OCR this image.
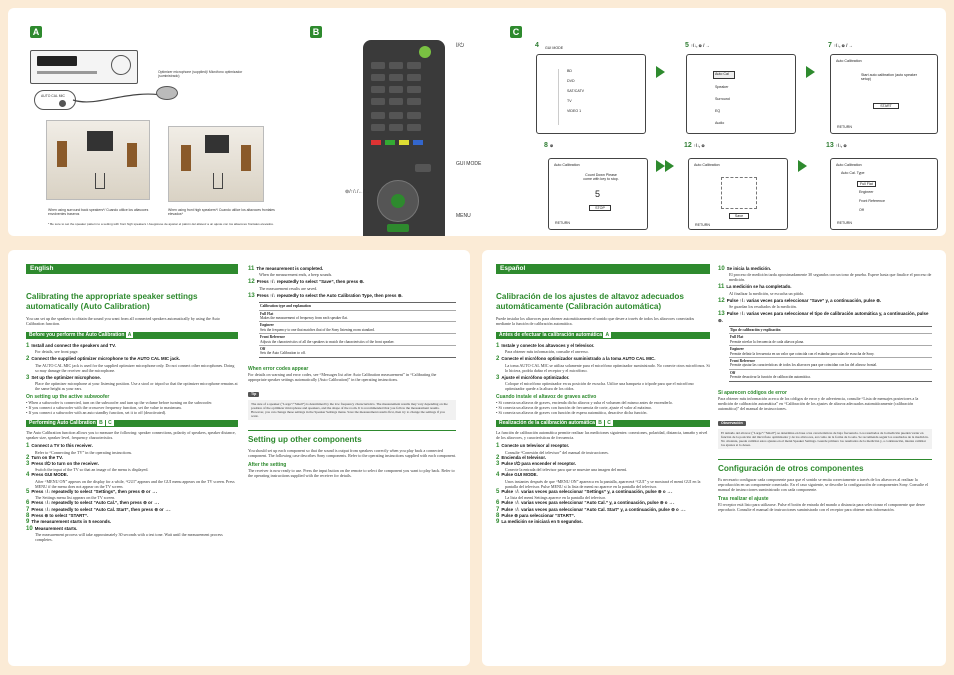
A
AUTO CAL MIC
Optimizer microphone (supplied)/ Micrófono optimizador (suministrado)
When using surround back speakers*/ Cuando utilice los altavoces envolventes traseros
When using front high speakers*/ Cuando utilice los altavoces frontales elevados*
* Be sure to set the speaker pattern to a setting with front high speakers / Asegúrese de ajustar el patrón del altavoz a un ajuste con los altavoces frontales elevados.
B
I/⏻
GUI MODE
⊚/↑/↓/←/→
MENU
C
4 GUI MODE
BD
DVD
SAT/CATV
TV
VIDEO 1
5 ↑/↓, ⊚ / →
Auto Cal
Speaker
Surround
EQ
Audio
7 ↑/↓, ⊚ / →
Auto Calibration
Start auto calibration (auto speaker setup)
START
RETURN
8 ⊚
Auto Calibration
Count Down Please come with key to stop.
5
STOP
RETURN
12 ↑/↓, ⊚
Auto Calibration
Save
RETURN
13 ↑/↓, ⊚
Auto Calibration
Auto Cal. Type
Full Flat
Engineer
Front Reference
Off
RETURN
English
Calibrating the appropriate speaker settings automatically (Auto Calibration)
You can set up the speakers to obtain the sound you want from all connected speakers automatically by using the Auto Calibration function.
Before you perform the Auto Calibration A
1 Install and connect the speakers and TV.
For details, see front page.
2 Connect the supplied optimizer microphone to the AUTO CAL MIC jack.
The AUTO CAL MIC jack is used for the supplied optimizer microphone only. Do not connect other microphones. Doing so may damage the receiver and the microphone.
3 Set up the optimizer microphone.
Place the optimizer microphone at your listening position. Use a stool or tripod so that the optimizer microphone remains at the same height as your ears.
On setting up the active subwoofer
• When a subwoofer is connected, turn on the subwoofer and turn up the volume before turning on the subwoofer.
• If you connect a subwoofer with the crossover frequency function, set the value to maximum.
• If you connect a subwoofer with an auto standby function, set it to off (deactivated).
Performing Auto Calibration B C
The Auto Calibration function allows you to measure the following: speaker connections, polarity of speakers, speaker distance, speaker size, speaker level, frequency characteristics.
1 Connect a TV to this receiver.
Refer to “Connecting the TV” in the operating instructions.
2 Turn on the TV.
3 Press I/⏻ to turn on the receiver.
Switch the input of the TV so that an image of the menu is displayed.
4 Press GUI MODE.
After “MENU ON” appears on the display for a while, “GUI” appears and the GUI menu appears on the TV screen. Press MENU if the menu does not appear on the TV screen.
5 Press ↑/↓ repeatedly to select “Settings”, then press ⊚ or →.
The Settings menu list appears on the TV screen.
6 Press ↑/↓ repeatedly to select “Auto Cal.”, then press ⊚ or →.
7 Press ↑/↓ repeatedly to select “Auto Cal. Start”, then press ⊚ or →.
8 Press ⊚ to select “START”.
9 The measurement starts in 5 seconds.
10 Measurement starts.
The measurement process will take approximately 30 seconds with a test tone. Wait until the measurement process completes.
11 The measurement is completed.
When the measurement ends, a beep sounds.
12 Press ↑/↓ repeatedly to select “Save”, then press ⊚.
The measurement results are saved.
13 Press ↑/↓ repeatedly to select the Auto Calibration Type, then press ⊚.
Calibration type and explanation
Full Flat
Makes the measurement of frequency from each speaker flat.
Engineer
Sets the frequency to one that matches that of the Sony listening room standard.
Front Reference
Adjusts the characteristics of all the speakers to match the characteristics of the front speaker.
Off
Sets the Auto Calibration to off.
When error codes appear
For details on warning and error codes, see “Messages list after Auto Calibration measurement” in “Calibrating the appropriate speaker settings automatically (Auto Calibration)” in the operating instructions.
Tip
The size of a speaker (“Large”/“Small”) is determined by the low frequency characteristics. The measurement results may vary depending on the position of the optimizer microphone and speakers, and the shape of the room. It is recommended that you follow the measurement results. However, you can change these settings in the Speaker Settings menu. Save the measurement results first, then try to change the settings if you want.
Setting up other components
You should set up each component so that the sound is output from speakers correctly when you play back a connected component. The following case describes Sony components. Refer to the operating instructions supplied with each component.
After the setting
The receiver is now ready to use. Press the input button on the remote to select the component you want to play back. Refer to the operating instructions supplied with the receiver for details.
Español
Calibración de los ajustes de altavoz adecuados automáticamente (Calibración automática)
Puede instalar los altavoces para obtener automáticamente el sonido que desee a través de todos los altavoces conectados mediante la función de calibración automática.
Antes de efectuar la calibración automática A
1 Instale y conecte los altavoces y el televisor.
Para obtener más información, consulte el anverso.
2 Conecte el micrófono optimizador suministrado a la toma AUTO CAL MIC.
La toma AUTO CAL MIC se utiliza solamente para el micrófono optimizador suministrado. No conecte otros micrófonos. Si lo hiciera, podría dañar el receptor y el micrófono.
3 Ajuste el micrófono optimizador.
Coloque el micrófono optimizador en su posición de escucha. Utilice una banqueta o trípode para que el micrófono optimizador quede a la altura de los oídos.
Cuando instale el altavoz de graves activo
• Si conecta un altavoz de graves, encienda dicho altavoz y suba el volumen del mismo antes de encenderlo.
• Si conecta un altavoz de graves con función de frecuencia de corte, ajuste el valor al máximo.
• Si conecta un altavoz de graves con función de espera automática, desactive dicha función.
Realización de la calibración automática B C
La función de calibración automática permite realizar las mediciones siguientes: conexiones, polaridad, distancia, tamaño y nivel de los altavoces, y características de frecuencia.
1 Conecte un televisor al receptor.
Consulte “Conexión del televisor” del manual de instrucciones.
2 Encienda el televisor.
3 Pulse I/⏻ para encender el receptor.
Conecte la entrada del televisor para que se muestre una imagen del menú.
4 Pulse GUI MODE.
Unos instantes después de que “MENU ON” aparezca en la pantalla, aparecerá “GUI” y se mostrará el menú GUI en la pantalla del televisor. Pulse MENU si la lista de menú no aparece en la pantalla del televisor.
5 Pulse ↑/↓ varias veces para seleccionar “Settings” y, a continuación, pulse ⊚ o →.
La lista del menú Settings aparece en la pantalla del televisor.
6 Pulse ↑/↓ varias veces para seleccionar “Auto Cal.” y, a continuación, pulse ⊚ o →.
7 Pulse ↑/↓ varias veces para seleccionar “Auto Cal. Start” y, a continuación, pulse ⊚ o →.
8 Pulse ⊚ para seleccionar “START”.
9 La medición se iniciará en 5 segundos.
10 Se inicia la medición.
El proceso de medición tarda aproximadamente 30 segundos con un tono de prueba. Espere hasta que finalice el proceso de medición.
11 La medición se ha completado.
Al finalizar la medición, se escucha un pitido.
12 Pulse ↑/↓ varias veces para seleccionar “Save” y, a continuación, pulse ⊚.
Se guardan los resultados de la medición.
13 Pulse ↑/↓ varias veces para seleccionar el tipo de calibración automática y, a continuación, pulse ⊚.
Tipo de calibración y explicación
Full Flat
Permite nivelar la frecuencia de cada altavoz plana.
Engineer
Permite definir la frecuencia en un valor que coincida con el estándar para salas de escucha de Sony.
Front Reference
Permite ajustar las características de todos los altavoces para que coincidan con las del altavoz frontal.
Off
Permite desactivar la función de calibración automática.
Si aparecen códigos de error
Para obtener más información acerca de los códigos de error y de advertencia, consulte “Lista de mensajes posteriores a la medición de calibración automática” en “Calibración de los ajustes de altavoz adecuados automáticamente (calibración automática)” del manual de instrucciones.
Observación
El tamaño del altavoz (“Large”/“Small”) se determina en base a las características de baja frecuencia. Los resultados de la medición pueden variar en función de la posición del micrófono optimizador y de los altavoces, así como de la forma de la sala. Se recomienda seguir los resultados de la medición. No obstante, puede cambiar estos ajustes en el menú Speaker Settings. Guarde primero los resultados de la medición y, a continuación, intente cambiar los ajustes si lo desea.
Configuración de otros componentes
Es necesario configurar cada componente para que el sonido se emita correctamente a través de los altavoces al realizar la reproducción en un componente conectado. En el caso siguiente, se describe la configuración de componentes Sony. Consulte el manual de instrucciones suministrado con cada componente.
Tras realizar el ajuste
El receptor está listo para utilizarse. Pulse el botón de entrada del mando a distancia para seleccionar el componente que desee reproducir. Consulte el manual de instrucciones suministrado con el receptor para obtener más información.
